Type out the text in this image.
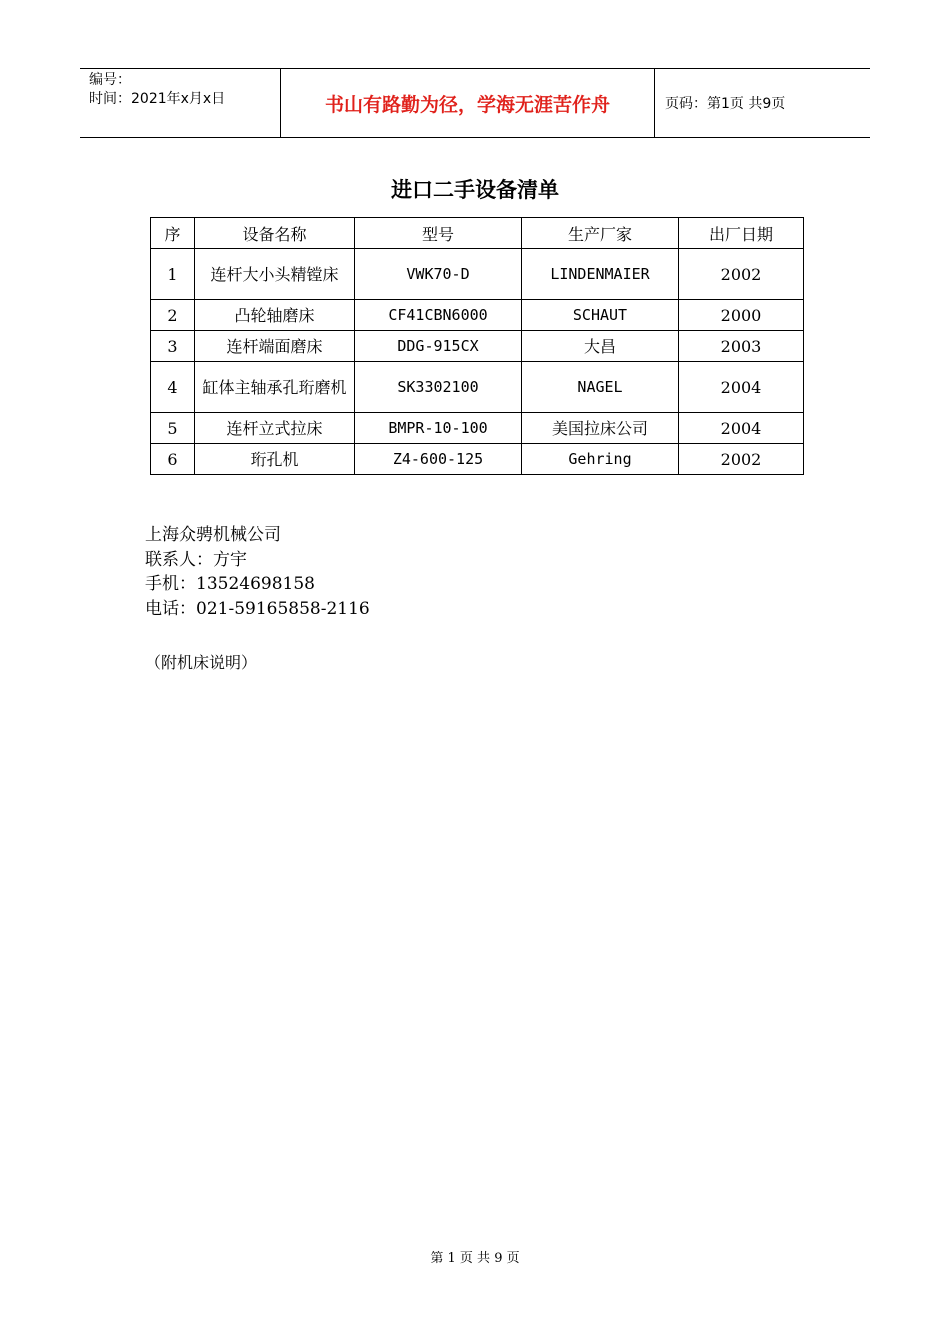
编号：
时间：2021年x月x日	书山有路勤为径，学海无涯苦作舟	页码：第1页 共9页
进口二手设备清单
序	设备名称	型号	生产厂家	出厂日期
1	连杆大小头精镗床	VWK70-D	LINDENMAIER	2002
2	凸轮轴磨床	CF41CBN6000	SCHAUT	2000
3	连杆端面磨床	DDG-915CX	大昌	2003
4	缸体主轴承孔珩磨机	SK3302100	NAGEL	2004
5	连杆立式拉床	BMPR-10-100	美国拉床公司	2004
6	珩孔机	Z4-600-125	Gehring	2002
上海众骋机械公司
联系人：方宇
手机：13524698158
电话：021-59165858-2116
（附机床说明）
第 1 页 共 9 页
